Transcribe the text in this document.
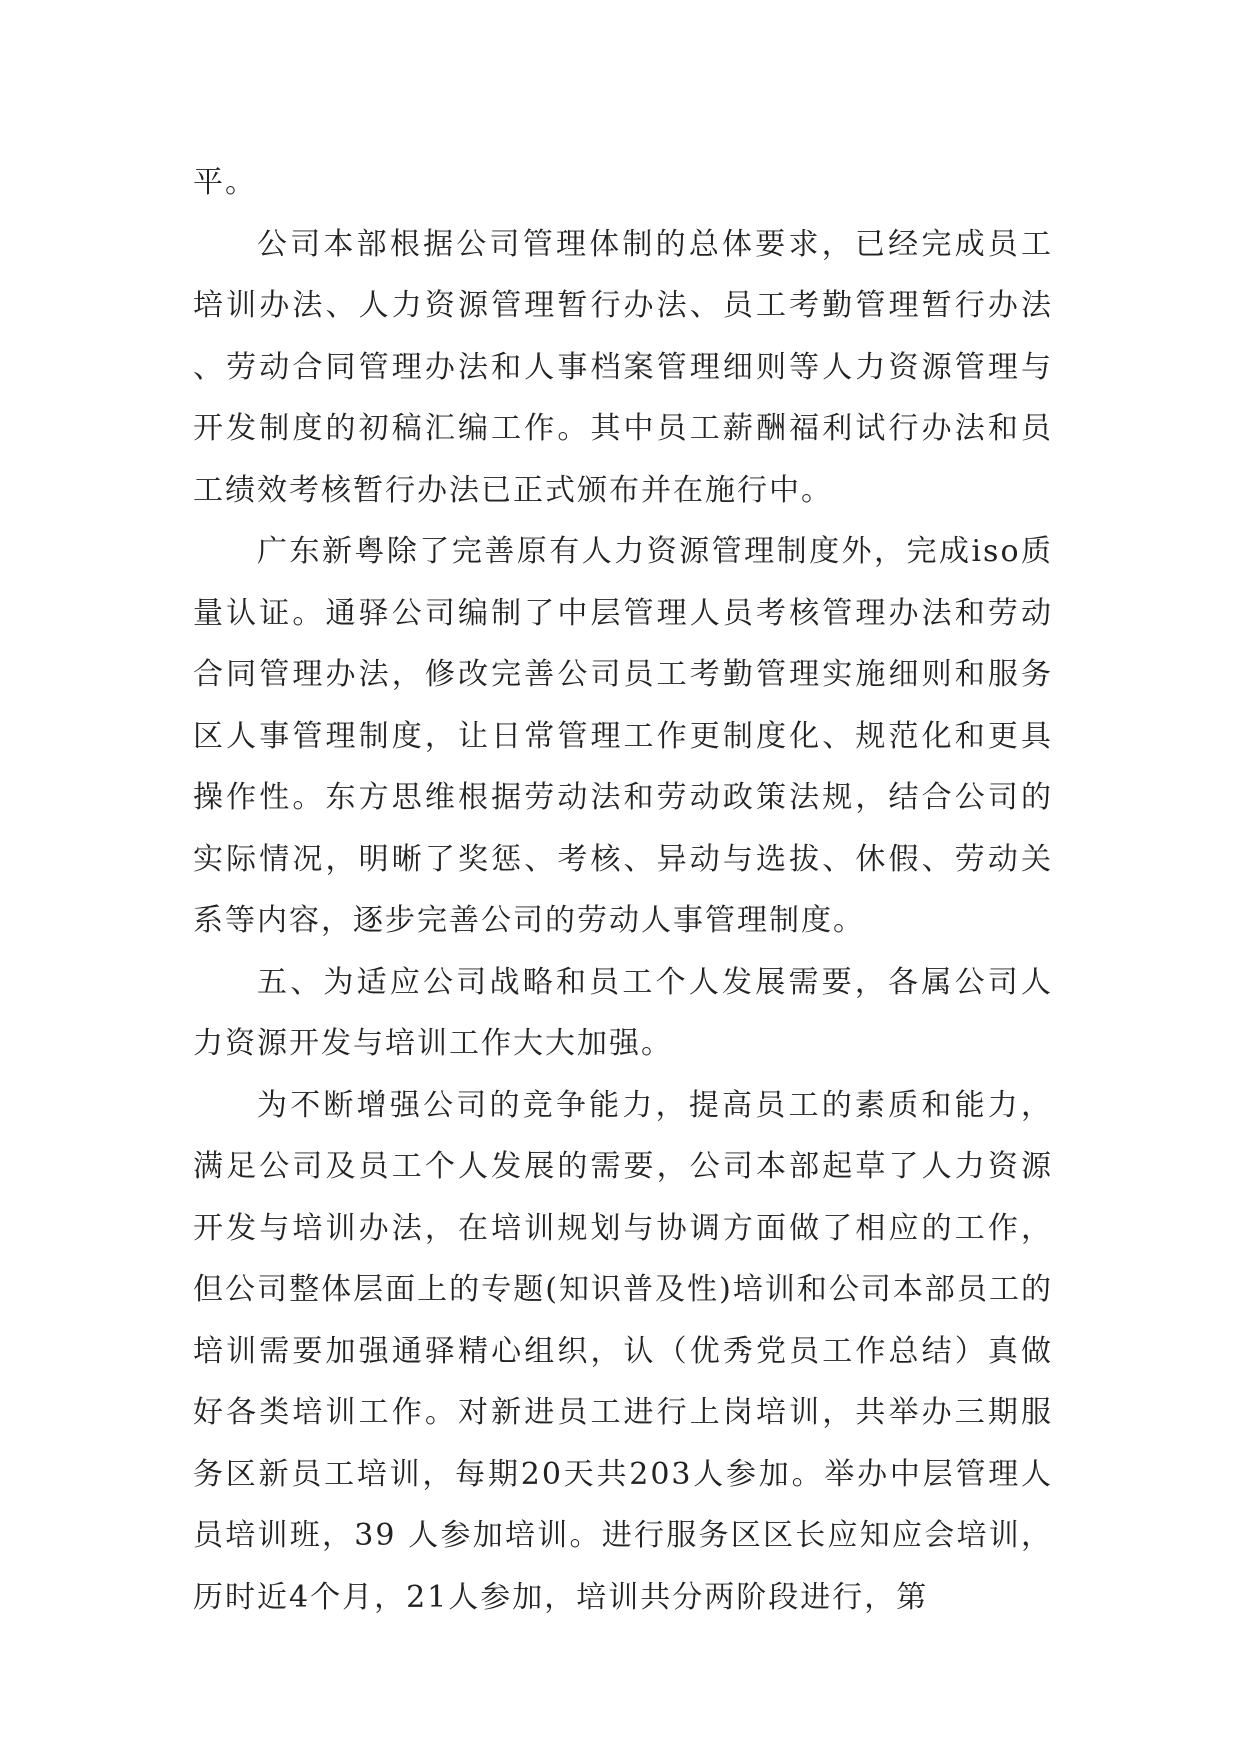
平。

公司本部根据公司管理体制的总体要求，已经完成员工培训办法、人力资源管理暂行办法、员工考勤管理暂行办法、劳动合同管理办法和人事档案管理细则等人力资源管理与开发制度的初稿汇编工作。其中员工薪酬福利试行办法和员工绩效考核暂行办法已正式颁布并在施行中。

广东新粤除了完善原有人力资源管理制度外，完成iso质量认证。通驿公司编制了中层管理人员考核管理办法和劳动合同管理办法，修改完善公司员工考勤管理实施细则和服务区人事管理制度，让日常管理工作更制度化、规范化和更具操作性。东方思维根据劳动法和劳动政策法规，结合公司的实际情况，明晰了奖惩、考核、异动与选拔、休假、劳动关系等内容，逐步完善公司的劳动人事管理制度。

五、为适应公司战略和员工个人发展需要，各属公司人力资源开发与培训工作大大加强。

为不断增强公司的竞争能力，提高员工的素质和能力，满足公司及员工个人发展的需要，公司本部起草了人力资源开发与培训办法，在培训规划与协调方面做了相应的工作，但公司整体层面上的专题(知识普及性)培训和公司本部员工的培训需要加强通驿精心组织，认（优秀党员工作总结）真做好各类培训工作。对新进员工进行上岗培训，共举办三期服务区新员工培训，每期20天共203人参加。举办中层管理人员培训班，39 人参加培训。进行服务区区长应知应会培训，历时近4个月，21人参加，培训共分两阶段进行，第
